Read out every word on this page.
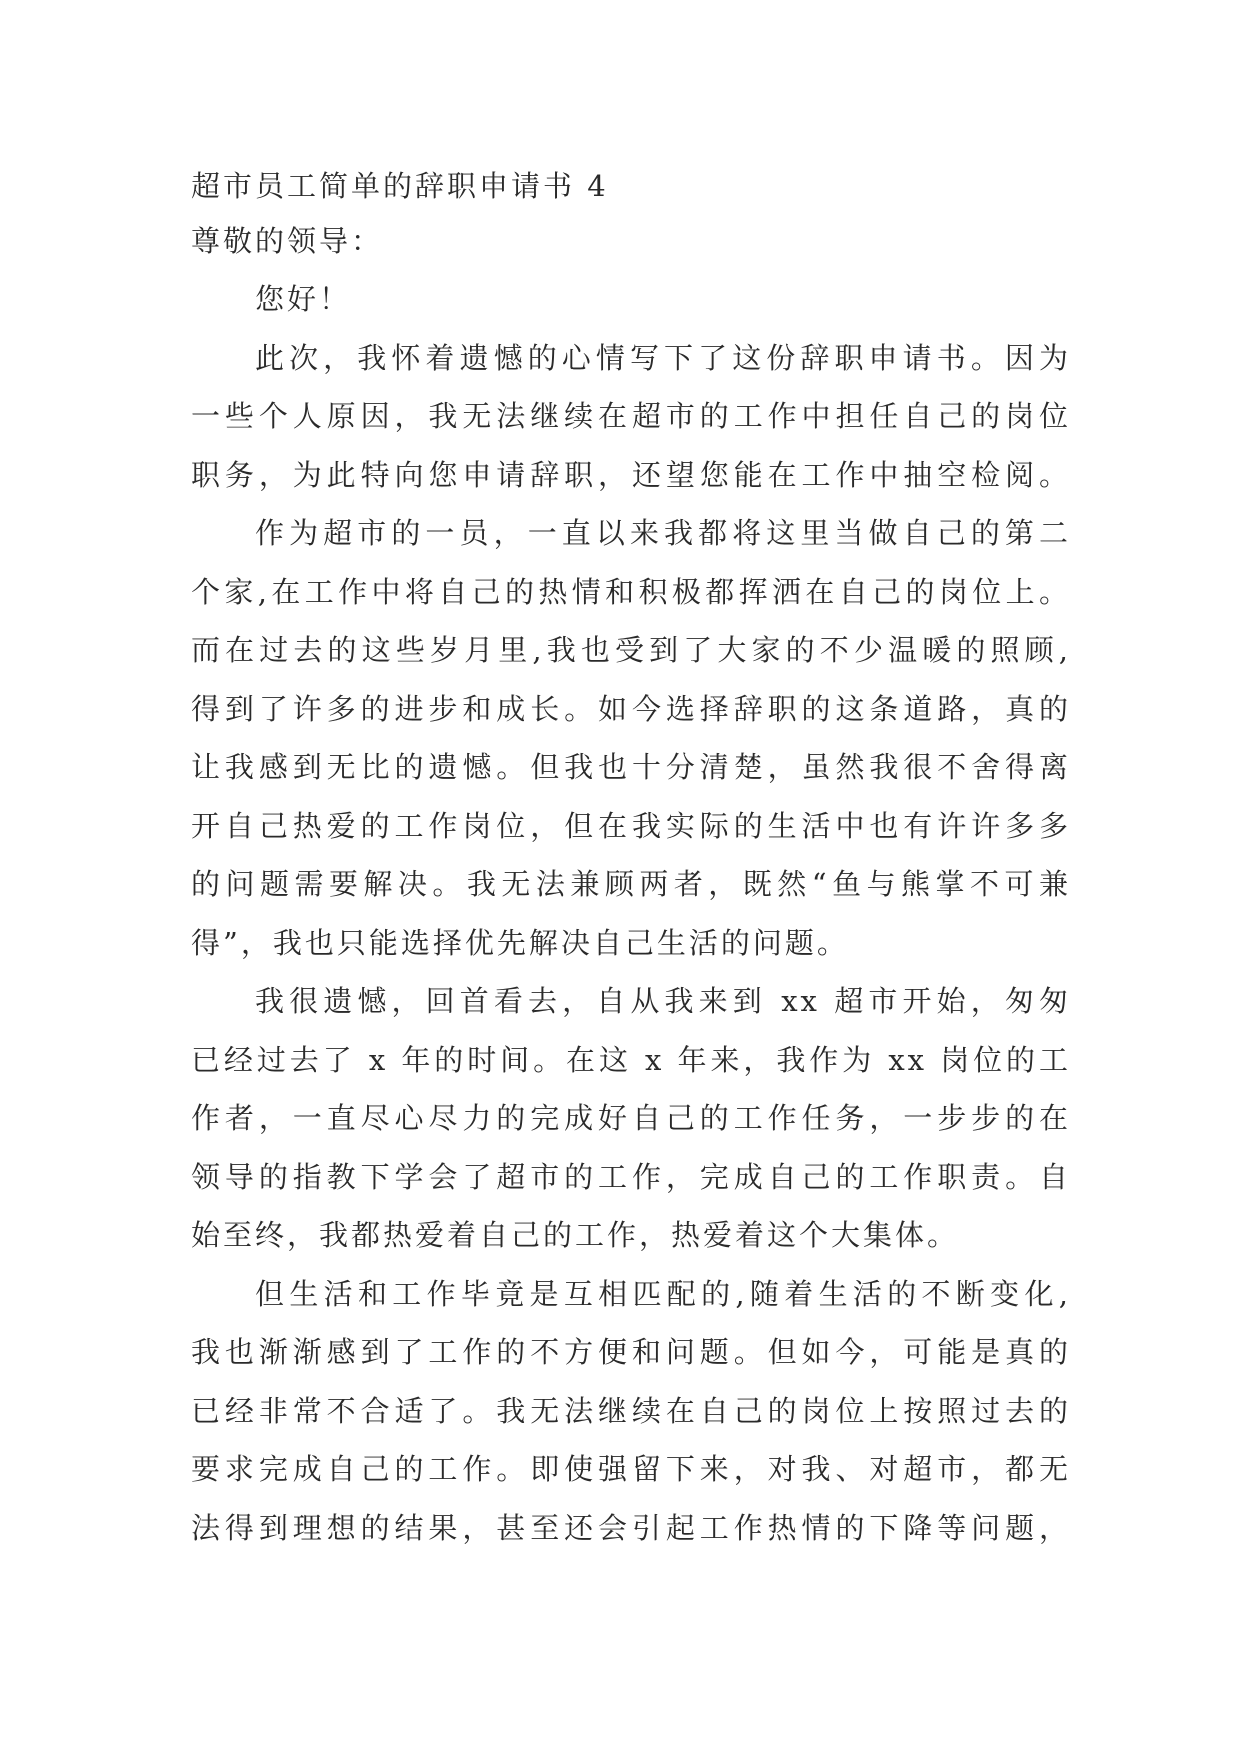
超市员工简单的辞职申请书 4
尊敬的领导：
您好！
此次，我怀着遗憾的心情写下了这份辞职申请书。因为
一些个人原因，我无法继续在超市的工作中担任自己的岗位
职务，为此特向您申请辞职，还望您能在工作中抽空检阅。
作为超市的一员，一直以来我都将这里当做自己的第二
个家,在工作中将自己的热情和积极都挥洒在自己的岗位上。
而在过去的这些岁月里,我也受到了大家的不少温暖的照顾,
得到了许多的进步和成长。如今选择辞职的这条道路，真的
让我感到无比的遗憾。但我也十分清楚，虽然我很不舍得离
开自己热爱的工作岗位，但在我实际的生活中也有许许多多
的问题需要解决。我无法兼顾两者，既然“鱼与熊掌不可兼
得”，我也只能选择优先解决自己生活的问题。
我很遗憾，回首看去，自从我来到 xx 超市开始，匆匆
已经过去了 x 年的时间。在这 x 年来，我作为 xx 岗位的工
作者，一直尽心尽力的完成好自己的工作任务，一步步的在
领导的指教下学会了超市的工作，完成自己的工作职责。自
始至终，我都热爱着自己的工作，热爱着这个大集体。
但生活和工作毕竟是互相匹配的,随着生活的不断变化,
我也渐渐感到了工作的不方便和问题。但如今，可能是真的
已经非常不合适了。我无法继续在自己的岗位上按照过去的
要求完成自己的工作。即使强留下来，对我、对超市，都无
法得到理想的结果，甚至还会引起工作热情的下降等问题，
